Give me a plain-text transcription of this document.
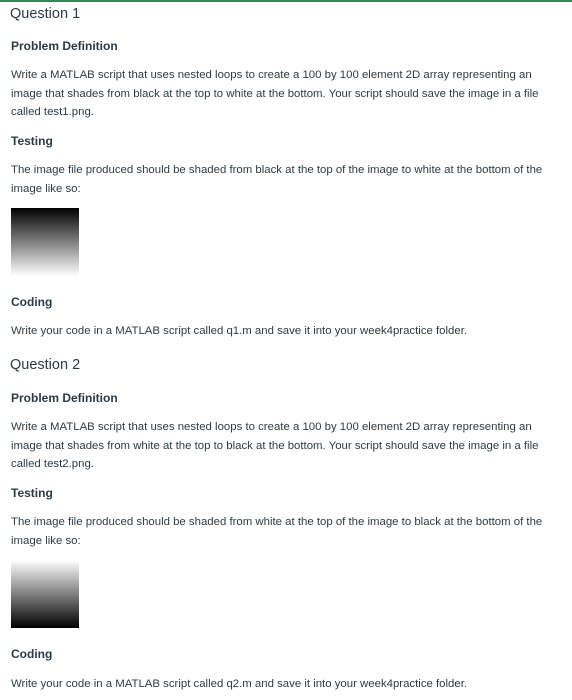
Question 1
Problem Definition

Write a MATLAB script that uses nested loops to create a 100 by 100 element 2D array representing an image that shades from black at the top to white at the bottom. Your script should save the image in a file called test1.png.

Testing

The image file produced should be shaded from black at the top of the image to white at the bottom of the image like so:

Coding

Write your code in a MATLAB script called q1.m and save it into your week4practice folder.

Question 2
Problem Definition

Write a MATLAB script that uses nested loops to create a 100 by 100 element 2D array representing an image that shades from white at the top to black at the bottom. Your script should save the image in a file called test2.png.

Testing

The image file produced should be shaded from white at the top of the image to black at the bottom of the image like so:

Coding

Write your code in a MATLAB script called q2.m and save it into your week4practice folder.
